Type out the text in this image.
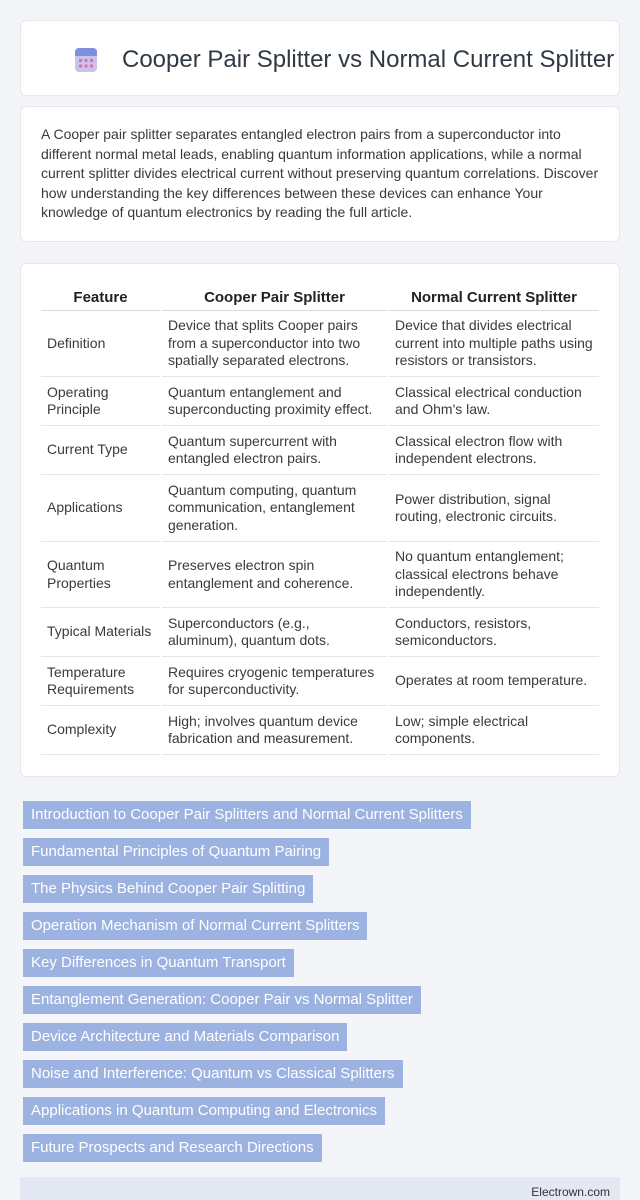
Cooper Pair Splitter vs Normal Current Splitter

A Cooper pair splitter separates entangled electron pairs from a superconductor into different normal metal leads, enabling quantum information applications, while a normal current splitter divides electrical current without preserving quantum correlations. Discover how understanding the key differences between these devices can enhance Your knowledge of quantum electronics by reading the full article.

Feature	Cooper Pair Splitter	Normal Current Splitter
Definition	Device that splits Cooper pairs from a superconductor into two spatially separated electrons.	Device that divides electrical current into multiple paths using resistors or transistors.
Operating Principle	Quantum entanglement and superconducting proximity effect.	Classical electrical conduction and Ohm's law.
Current Type	Quantum supercurrent with entangled electron pairs.	Classical electron flow with independent electrons.
Applications	Quantum computing, quantum communication, entanglement generation.	Power distribution, signal routing, electronic circuits.
Quantum Properties	Preserves electron spin entanglement and coherence.	No quantum entanglement; classical electrons behave independently.
Typical Materials	Superconductors (e.g., aluminum), quantum dots.	Conductors, resistors, semiconductors.
Temperature Requirements	Requires cryogenic temperatures for superconductivity.	Operates at room temperature.
Complexity	High; involves quantum device fabrication and measurement.	Low; simple electrical components.
Introduction to Cooper Pair Splitters and Normal Current Splitters
Fundamental Principles of Quantum Pairing
The Physics Behind Cooper Pair Splitting
Operation Mechanism of Normal Current Splitters
Key Differences in Quantum Transport
Entanglement Generation: Cooper Pair vs Normal Splitter
Device Architecture and Materials Comparison
Noise and Interference: Quantum vs Classical Splitters
Applications in Quantum Computing and Electronics
Future Prospects and Research Directions
Electrown.com
